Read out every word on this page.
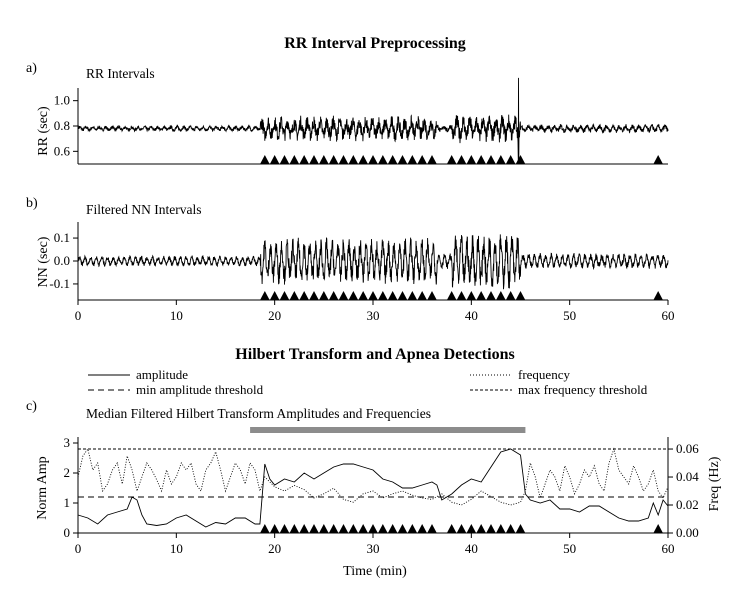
RR Interval Preprocessing
a)	RR Intervals
RR (sec) 0.6
0.8
1.0
b)	Filtered NN Intervals
NN (sec)
-0.1
0.0
0.1
0	10	20	30	40	50	60
Hilbert Transform and Apnea Detections
amplitude	frequency
min amplitude threshold	max frequency threshold
c)	Median Filtered Hilbert Transform Amplitudes and Frequencies
Norm Amp	Freq (Hz)
Time (min)
0
1
2
3
0.00
0.02
0.04
0.06
0	10	20	30	40	50	60
